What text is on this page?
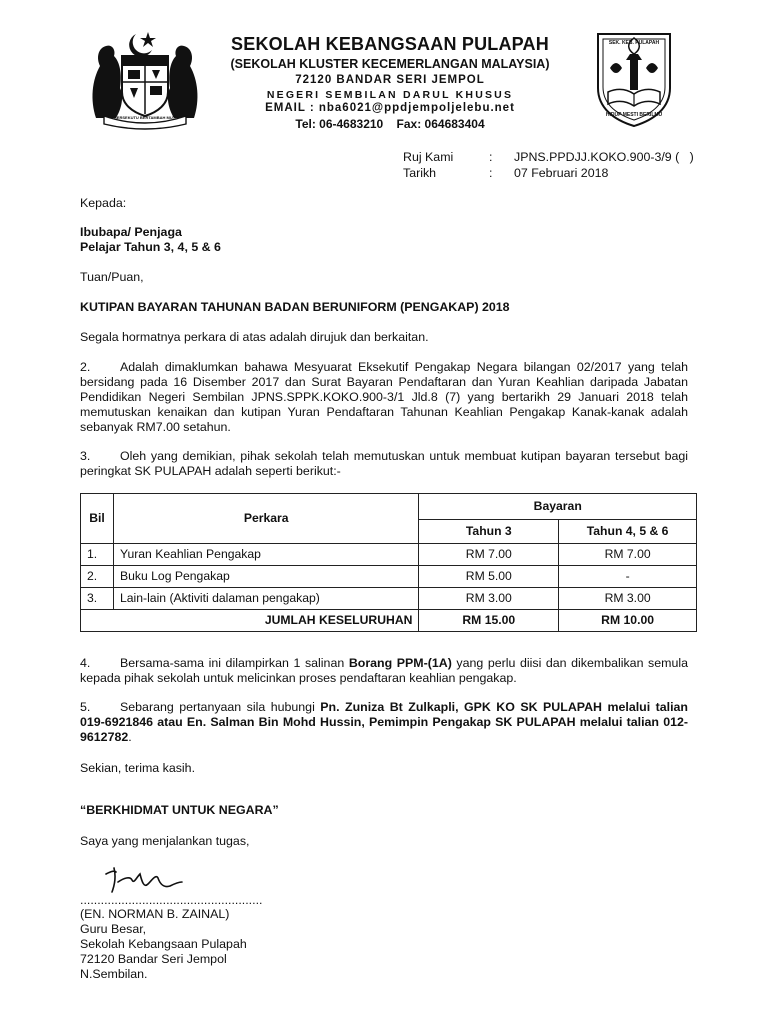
BERSEKUTU BERTAMBAH MUTU
SEK. KEB. PULAPAH
HIDUP MESTI BERILMU
SEKOLAH KEBANGSAAN PULAPAH
(SEKOLAH KLUSTER KECEMERLANGAN MALAYSIA)
72120 BANDAR SERI JEMPOL
NEGERI SEMBILAN DARUL KHUSUS
EMAIL : nba6021@ppdjempoljelebu.net
Tel: 06-4683210    Fax: 064683404
Ruj Kami	: JPNS.PPDJJ.KOKO.900-3/9 (   )
Tarikh	: 07 Februari 2018
Kepada:
Ibubapa/ Penjaga
Pelajar Tahun 3, 4, 5 & 6
Tuan/Puan,
KUTIPAN BAYARAN TAHUNAN BADAN BERUNIFORM (PENGAKAP) 2018
Segala hormatnya perkara di atas adalah dirujuk dan berkaitan.
2. Adalah dimaklumkan bahawa Mesyuarat Eksekutif Pengakap Negara bilangan 02/2017 yang telah bersidang pada 16 Disember 2017 dan Surat Bayaran Pendaftaran dan Yuran Keahlian daripada Jabatan Pendidikan Negeri Sembilan JPNS.SPPK.KOKO.900-3/1 Jld.8 (7) yang bertarikh 29 Januari 2018 telah memutuskan kenaikan dan kutipan Yuran Pendaftaran Tahunan Keahlian Pengakap Kanak-kanak adalah sebanyak RM7.00 setahun.
3. Oleh yang demikian, pihak sekolah telah memutuskan untuk membuat kutipan bayaran tersebut bagi peringkat SK PULAPAH adalah seperti berikut:-
Bil	Perkara	Bayaran	
		Tahun 3	Tahun 4, 5 & 6
1.	Yuran Keahlian Pengakap	RM 7.00	RM 7.00
2.	Buku Log Pengakap	RM 5.00	-
3.	Lain-lain (Aktiviti dalaman pengakap)	RM 3.00	RM 3.00
JUMLAH KESELURUHAN		RM 15.00	RM 10.00
4. Bersama-sama ini dilampirkan 1 salinan Borang PPM-(1A) yang perlu diisi dan dikembalikan semula kepada pihak sekolah untuk melicinkan proses pendaftaran keahlian pengakap.
5. Sebarang pertanyaan sila hubungi Pn. Zuniza Bt Zulkapli, GPK KO SK PULAPAH melalui talian 019-6921846 atau En. Salman Bin Mohd Hussin, Pemimpin Pengakap SK PULAPAH melalui talian 012-9612782.
Sekian, terima kasih.
“BERKHIDMAT UNTUK NEGARA”
Saya yang menjalankan tugas,
.....................................................
(EN. NORMAN B. ZAINAL)
Guru Besar,
Sekolah Kebangsaan Pulapah
72120 Bandar Seri Jempol
N.Sembilan.
